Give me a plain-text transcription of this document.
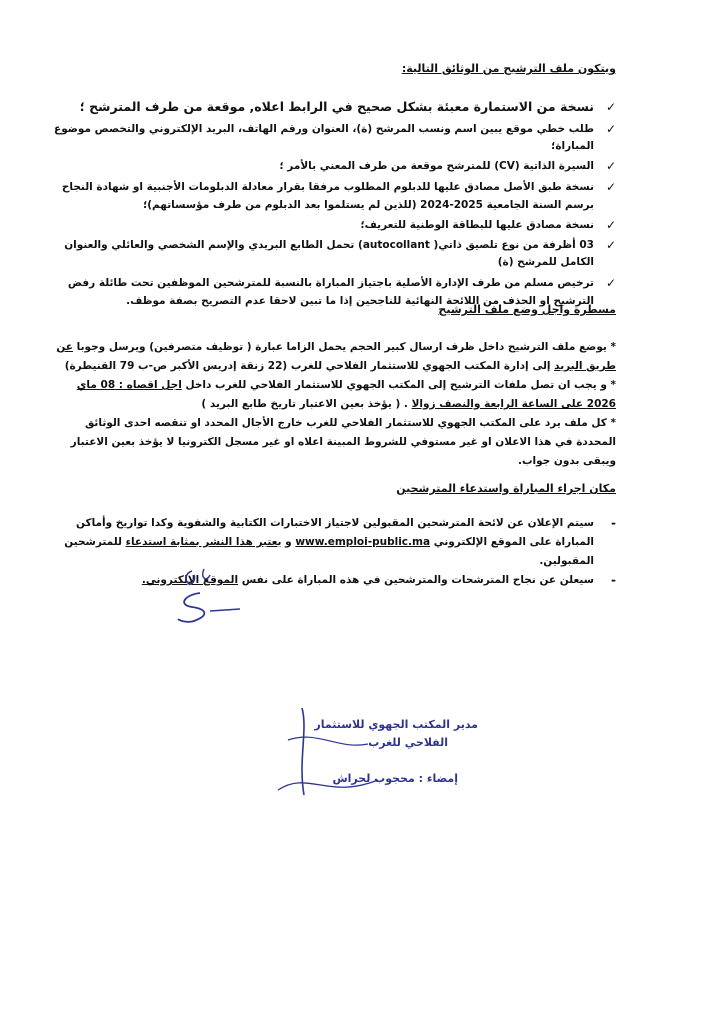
ويتكون ملف الترشيح من الوثائق التالية:
✓
نسخة من الاستمارة معبئة بشكل صحيح في الرابط اعلاه, موقعة من طرف المترشح ؛
✓
طلب خطي موقع يبين اسم ونسب المرشح (ة)، العنوان ورقم الهاتف، البريد الإلكتروني والتخصص موضوع المباراة؛
✓
السيرة الذاتية (CV) للمترشح موقعة من طرف المعني بالأمر ؛
✓
نسخة طبق الأصل مصادق عليها للدبلوم المطلوب مرفقا بقرار معادلة الدبلومات الأجنبية او شهادة النجاح برسم السنة الجامعية 2025-2024 (للذين لم يستلموا بعد الدبلوم من طرف مؤسساتهم)؛
✓
نسخة مصادق عليها للبطاقة الوطنية للتعريف؛
✓
03 أظرفة من نوع تلصيق ذاتي( autocollant) تحمل الطابع البريدي والإسم الشخصي والعائلي والعنوان الكامل للمرشح (ة)
✓
ترخيص مسلم من طرف الإدارة الأصلية باجتياز المباراة بالنسبة للمترشحين الموظفين تحت طائلة رفض الترشيح او الحذف من اللائحة النهائية للناجحين إذا ما تبين لاحقا عدم التصريح بصفة موظف.
مسطرة واجل وضع ملف الترشيح
* يوضع ملف الترشيح داخل ظرف ارسال كبير الحجم يحمل الزاما عبارة ( توظيف متصرفين) ويرسل وجوبا عن طريق البريد إلى إدارة المكتب الجهوي للاستثمار الفلاحي للغرب (22 زنقة إدريس الأكبر ص-ب 79 القنيطرة)
* و يجب ان تصل ملفات الترشيح إلى المكتب الجهوي للاستثمار الفلاحي للغرب داخل اجل اقصاه : 08 ماي 2026 على الساعة الرابعة والنصف زوالا . ( يؤخذ بعين الاعتبار تاريخ طابع البريد )
* كل ملف يرد على المكتب الجهوي للاستثمار الفلاحي للغرب خارج الأجال المحدد او تنقصه احدى الوثائق المحددة في هذا الاعلان او غير مستوفي للشروط المبينة اعلاه او غير مسجل الكترونيا لا يؤخذ بعين الاعتبار ويبقى بدون جواب.
مكان اجراء المباراة واستدعاء المترشحين
-
سيتم الإعلان عن لائحة المترشحين المقبولين لاجتياز الاختبارات الكتابية والشفوية وكدا تواريخ وأماكن المباراة على الموقع الإلكتروني www.emploi-public.ma و يعتبر هذا النشر بمثابة استدعاء للمترشحين المقبولين.
-
سيعلن عن نجاح المترشحات والمترشحين في هذه المباراة على نفس الموقع الإلكتروني.
مدير المكتب الجهوي للاستثمار
الفلاحي للغرب
إمضاء : محجوب لحراش
